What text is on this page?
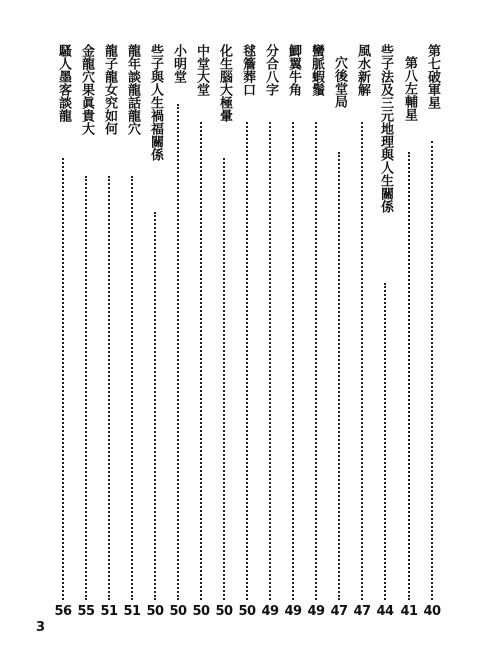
第七破軍星
40
第八左輔星
41
些子法及三元地理與人生關係
44
風水新解
47
穴後堂局
47
蠻脈蝦鬚
49
鯽翼牛角
49
分合八字
49
毬簷葬口
50
化生腦大極暈
50
中堂大堂
50
小明堂
50
些子與人生禍福關係
50
龍年談龍話龍穴
51
龍子龍女究如何
51
金龍穴果眞貴大
55
騷人墨客談龍
56
3
